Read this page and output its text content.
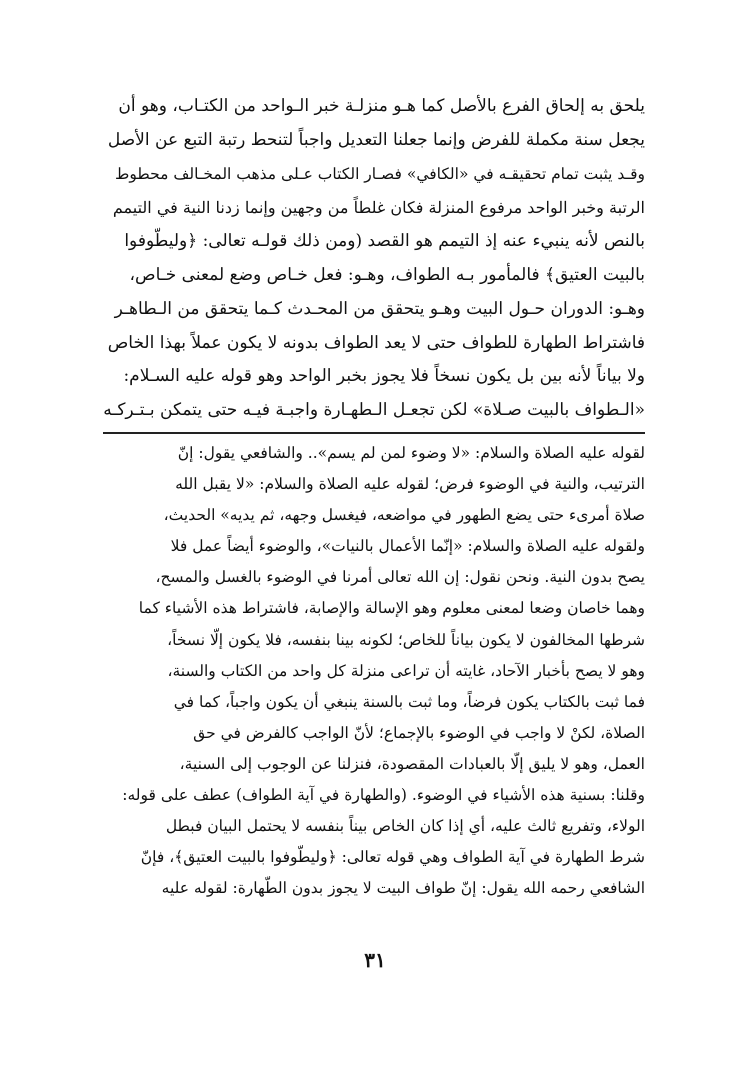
يلحق به إلحاق الفرع بالأصل كما هـو منزلـة خبر الـواحد من الكتـاب، وهو أن
يجعل سنة مكملة للفرض وإنما جعلنا التعديل واجباً لتنحط رتبة التبع عن الأصل
وقـد يثبت تمام تحقيقـه في «الكافي» فصـار الكتاب عـلى مذهب المخـالف محطوط
الرتبة وخبر الواحد مرفوع المنزلة فكان غلطاً من وجهين وإنما زدنا النية في التيمم
بالنص لأنه ينبيء عنه إذ التيمم هو القصد (ومن ذلك قولـه تعالى: ﴿وليطّوفوا
بالبيت العتيق﴾ فالمأمور بـه الطواف، وهـو: فعل خـاص وضع لمعنى خـاص،
وهـو: الدوران حـول البيت وهـو يتحقق من المحـدث كـما يتحقق من الـطاهـر
فاشتراط الطهارة للطواف حتى لا يعد الطواف بدونه لا يكون عملاً بهذا الخاص
ولا بياناً لأنه بين بل يكون نسخاً فلا يجوز بخبر الواحد وهو قوله عليه السـلام:
«الـطواف بالبيت صـلاة» لكن تجعـل الـطهـارة واجبـة فيـه حتى يتمكن بـتـركـه
لقوله عليه الصلاة والسلام: «لا وضوء لمن لم يسم».. والشافعي يقول: إنّ
الترتيب، والنية في الوضوء فرض؛ لقوله عليه الصلاة والسلام: «لا يقبل الله
صلاة أمرىء حتى يضع الطهور في مواضعه، فيغسل وجهه، ثم يديه» الحديث،
ولقوله عليه الصلاة والسلام: «إنّما الأعمال بالنيات»، والوضوء أيضاً عمل فلا
يصح بدون النية. ونحن نقول: إن الله تعالى أمرنا في الوضوء بالغسل والمسح،
وهما خاصان وضعا لمعنى معلوم وهو الإسالة والإصابة، فاشتراط هذه الأشياء كما
شرطها المخالفون لا يكون بياناً للخاص؛ لكونه بينا بنفسه، فلا يكون إلّا نسخاً،
وهو لا يصح بأخبار الآحاد، غايته أن تراعى منزلة كل واحد من الكتاب والسنة،
فما ثبت بالكتاب يكون فرضاً، وما ثبت بالسنة ينبغي أن يكون واجباً، كما في
الصلاة، لكنْ لا واجب في الوضوء بالإجماع؛ لأنّ الواجب كالفرض في حق
العمل، وهو لا يليق إلّا بالعبادات المقصودة، فنزلنا عن الوجوب إلى السنية،
وقلنا: بسنية هذه الأشياء في الوضوء. (والطهارة في آية الطواف) عطف على قوله:
الولاء، وتفريع ثالث عليه، أي إذا كان الخاص بيناً بنفسه لا يحتمل البيان فبطل
شرط الطهارة في آية الطواف وهي قوله تعالى: ﴿وليطّوفوا بالبيت العتيق﴾، فإنّ
الشافعي رحمه الله يقول: إنّ طواف البيت لا يجوز بدون الطّهارة: لقوله عليه
٣١
